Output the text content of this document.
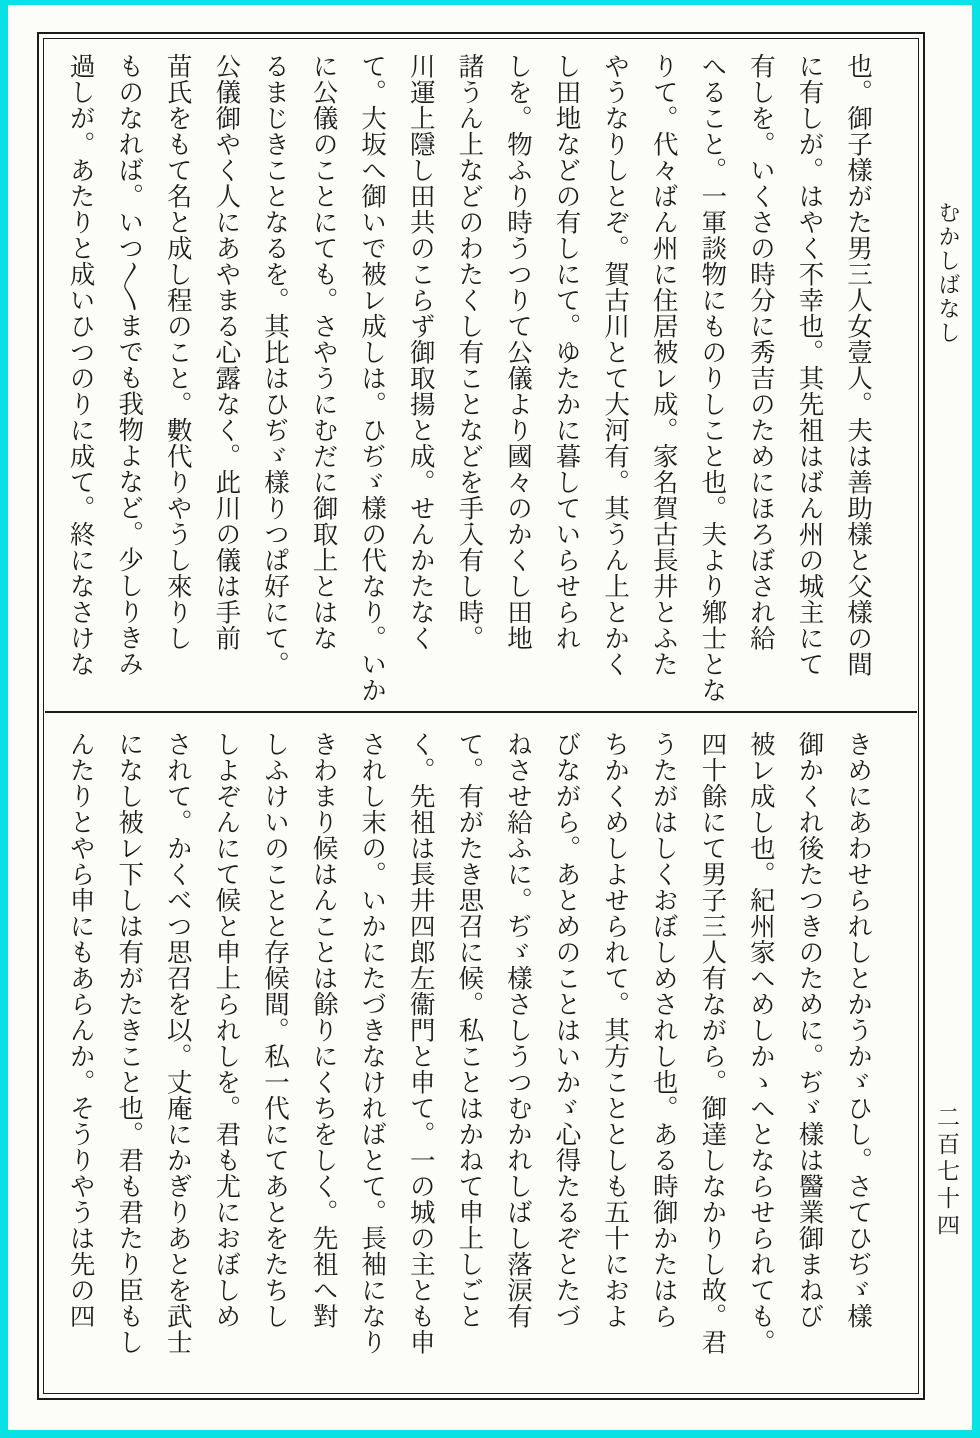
也。御子樣がた男三人女壹人。夫は善助樣と父樣の間

に有しが。はやく不幸也。其先祖はばん州の城主にて

有しを。いくさの時分に秀吉のためにほろぼされ給

へること。一軍談物にものりしこと也。夫より鄕士とな

りて。代々ばん州に住居被レ成。家名賀古長井とふた

やうなりしとぞ。賀古川とて大河有。其うん上とかく

し田地などの有しにて。ゆたかに暮していらせられ

しを。物ふり時うつりて公儀より國々のかくし田地

諸うん上などのわたくし有ことなどを手入有し時。

川運上隱し田共のこらず御取揚と成。せんかたなく

て。大坂へ御いで被レ成しは。ひぢゞ樣の代なり。いか

に公儀のことにても。さやうにむだに御取上とはな

るまじきことなるを。其比はひぢゞ樣りつぱ好にて。

公儀御やく人にあやまる心露なく。此川の儀は手前

苗氏をもて名と成し程のこと。數代りやうし來りし

ものなれば。いつ〱までも我物よなど。少しりきみ

過しが。あたりと成いひつのりに成て。終になさけな

きめにあわせられしとかうかゞひし。さてひぢゞ樣

御かくれ後たつきのために。ぢゞ樣は醫業御まねび

被レ成し也。紀州家へめしかゝへとならせられても。

四十餘にて男子三人有ながら。御達しなかりし故。君

うたがはしくおぼしめされし也。ある時御かたはら

ちかくめしよせられて。其方こととしも五十におよ

びながら。あとめのことはいかゞ心得たるぞとたづ

ねさせ給ふに。ぢゞ樣さしうつむかれしばし落涙有

て。有がたき思召に候。私ことはかねて申上しごと

く。先祖は長井四郎左衞門と申て。一の城の主とも申

されし末の。いかにたづきなければとて。長袖になり

きわまり候はんことは餘りにくちをしく。先祖へ對

しふけいのことと存候間。私一代にてあとをたちし

しよぞんにて候と申上られしを。君も尤におぼしめ

されて。かくべつ思召を以。丈庵にかぎりあとを武士

になし被レ下しは有がたきこと也。君も君たり臣もし

んたりとやら申にもあらんか。そうりやうは先の四

むかしばなし
二百七十四
